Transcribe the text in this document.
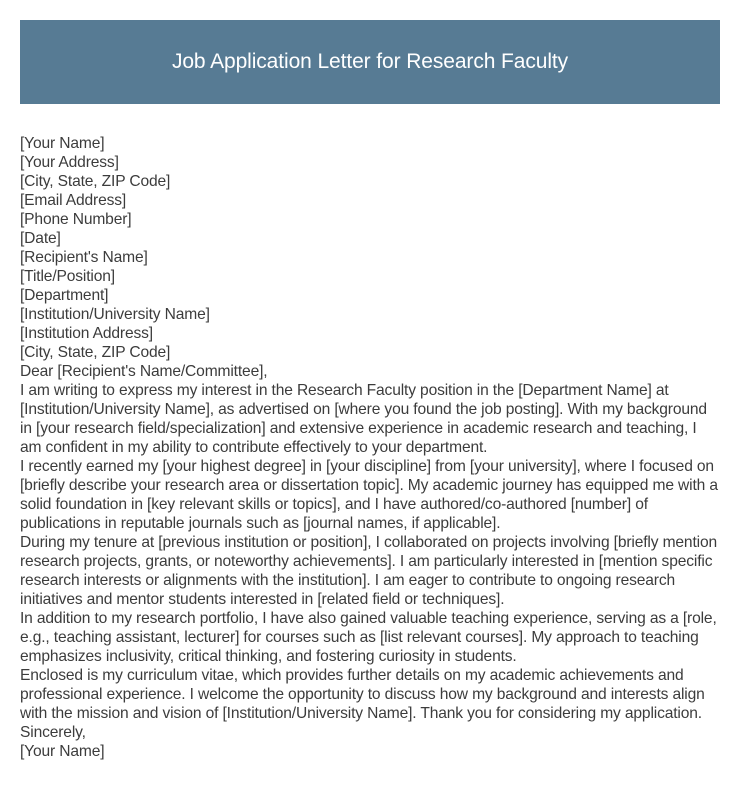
Job Application Letter for Research Faculty

[Your Name]

[Your Address]

[City, State, ZIP Code]

[Email Address]

[Phone Number]

[Date]

[Recipient's Name]

[Title/Position]

[Department]

[Institution/University Name]

[Institution Address]

[City, State, ZIP Code]

Dear [Recipient's Name/Committee],

I am writing to express my interest in the Research Faculty position in the [Department Name] at [Institution/University Name], as advertised on [where you found the job posting]. With my background in [your research field/specialization] and extensive experience in academic research and teaching, I am confident in my ability to contribute effectively to your department.

I recently earned my [your highest degree] in [your discipline] from [your university], where I focused on [briefly describe your research area or dissertation topic]. My academic journey has equipped me with a solid foundation in [key relevant skills or topics], and I have authored/co-authored [number] of publications in reputable journals such as [journal names, if applicable].

During my tenure at [previous institution or position], I collaborated on projects involving [briefly mention research projects, grants, or noteworthy achievements]. I am particularly interested in [mention specific research interests or alignments with the institution]. I am eager to contribute to ongoing research initiatives and mentor students interested in [related field or techniques].

In addition to my research portfolio, I have also gained valuable teaching experience, serving as a [role, e.g., teaching assistant, lecturer] for courses such as [list relevant courses]. My approach to teaching emphasizes inclusivity, critical thinking, and fostering curiosity in students.

Enclosed is my curriculum vitae, which provides further details on my academic achievements and professional experience. I welcome the opportunity to discuss how my background and interests align with the mission and vision of [Institution/University Name]. Thank you for considering my application.

Sincerely,

[Your Name]
